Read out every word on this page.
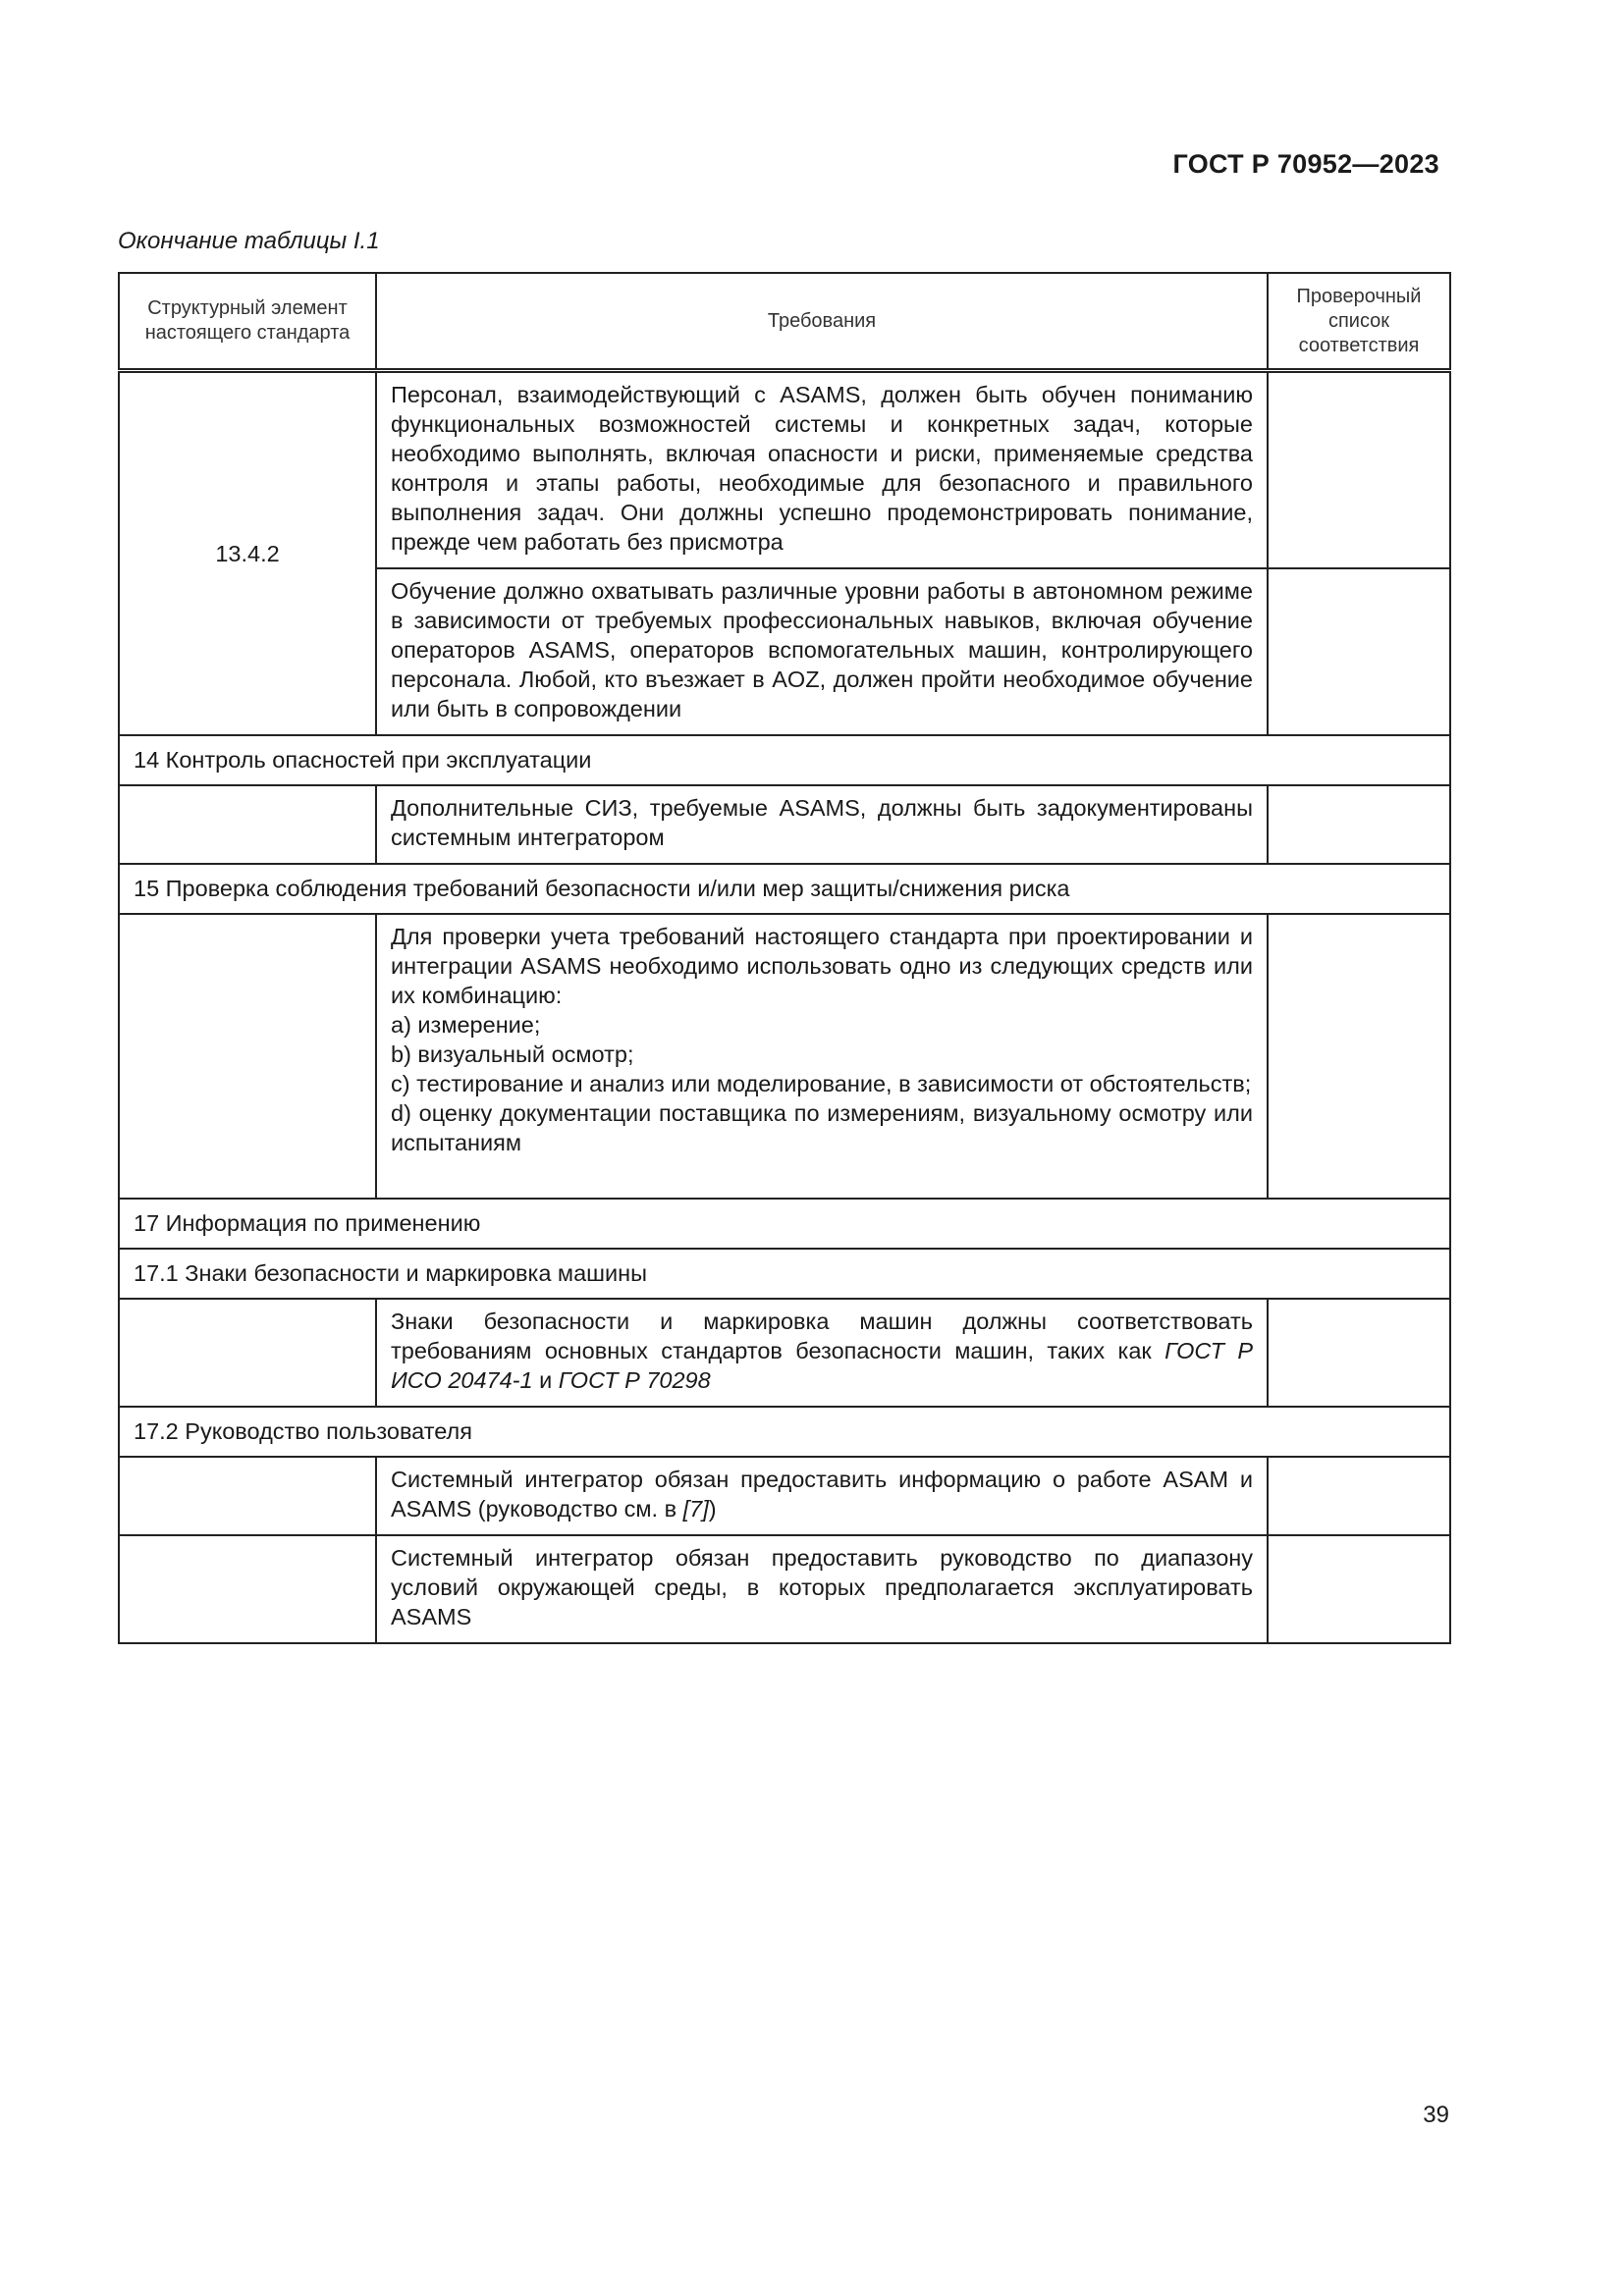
ГОСТ Р 70952—2023
Окончание таблицы I.1
Структурный элемент настоящего стандарта	Требования	Проверочный список соответствия
13.4.2	Персонал, взаимодействующий с ASAMS, должен быть обучен пониманию функциональных возможностей системы и конкретных задач, которые необходимо выполнять, включая опасности и риски, применяемые средства контроля и этапы работы, необходимые для безопасного и правильного выполнения задач. Они должны успешно продемонстрировать понимание, прежде чем работать без присмотра	

	Обучение должно охватывать различные уровни работы в автономном режиме в зависимости от требуемых профессиональных навыков, включая обучение операторов ASAMS, операторов вспомогательных машин, контролирующего персонала. Любой, кто въезжает в AOZ, должен пройти необходимое обучение или быть в сопровождении	

14 Контроль опасностей при эксплуатации		

	Дополнительные СИЗ, требуемые ASAMS, должны быть задокументированы системным интегратором	

15 Проверка соблюдения требований безопасности и/или мер защиты/снижения риска		

	Для проверки учета требований настоящего стандарта при проектировании и интеграции ASAMS необходимо использовать одно из следующих средств или их комбинацию:
a) измерение;
b) визуальный осмотр;
c) тестирование и анализ или моделирование, в зависимости от обстоятельств;
d) оценку документации поставщика по измерениям, визуальному осмотру или испытаниям	

17 Информация по применению		
17.1 Знаки безопасности и маркировка машины		

	Знаки безопасности и маркировка машин должны соответствовать требованиям основных стандартов безопасности машин, таких как ГОСТ Р ИСО 20474-1 и ГОСТ Р 70298	

17.2 Руководство пользователя		

	Системный интегратор обязан предоставить информацию о работе ASAM и ASAMS (руководство см. в [7])	

	Системный интегратор обязан предоставить руководство по диапазону условий окружающей среды, в которых предполагается эксплуатировать ASAMS	

39
